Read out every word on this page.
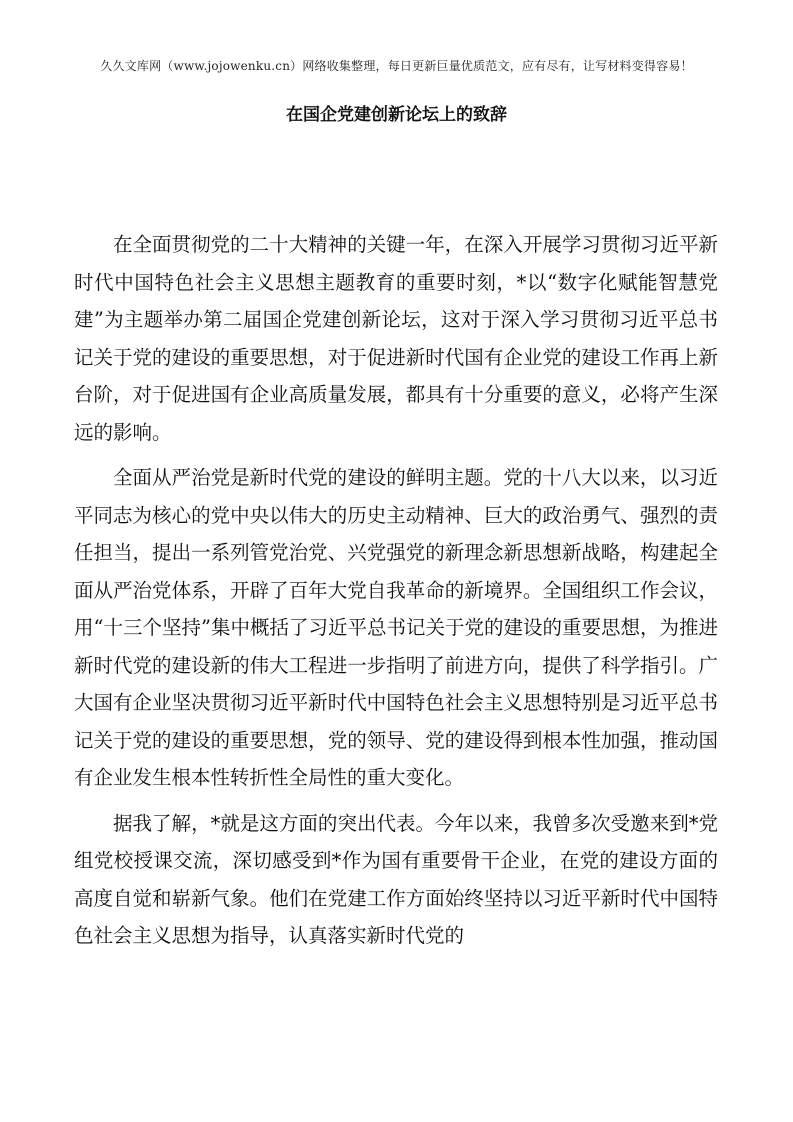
久久文库网（www.jojowenku.cn）网络收集整理，每日更新巨量优质范文，应有尽有，让写材料变得容易！
在国企党建创新论坛上的致辞

在全面贯彻党的二十大精神的关键一年，在深入开展学习贯彻习近平新时代中国特色社会主义思想主题教育的重要时刻，*以“数字化赋能智慧党建”为主题举办第二届国企党建创新论坛，这对于深入学习贯彻习近平总书记关于党的建设的重要思想，对于促进新时代国有企业党的建设工作再上新台阶，对于促进国有企业高质量发展，都具有十分重要的意义，必将产生深远的影响。

全面从严治党是新时代党的建设的鲜明主题。党的十八大以来，以习近平同志为核心的党中央以伟大的历史主动精神、巨大的政治勇气、强烈的责任担当，提出一系列管党治党、兴党强党的新理念新思想新战略，构建起全面从严治党体系，开辟了百年大党自我革命的新境界。全国组织工作会议，用“十三个坚持”集中概括了习近平总书记关于党的建设的重要思想，为推进新时代党的建设新的伟大工程进一步指明了前进方向，提供了科学指引。广大国有企业坚决贯彻习近平新时代中国特色社会主义思想特别是习近平总书记关于党的建设的重要思想，党的领导、党的建设得到根本性加强，推动国有企业发生根本性转折性全局性的重大变化。

据我了解，*就是这方面的突出代表。今年以来，我曾多次受邀来到*党组党校授课交流，深切感受到*作为国有重要骨干企业，在党的建设方面的高度自觉和崭新气象。他们在党建工作方面始终坚持以习近平新时代中国特色社会主义思想为指导，认真落实新时代党的
